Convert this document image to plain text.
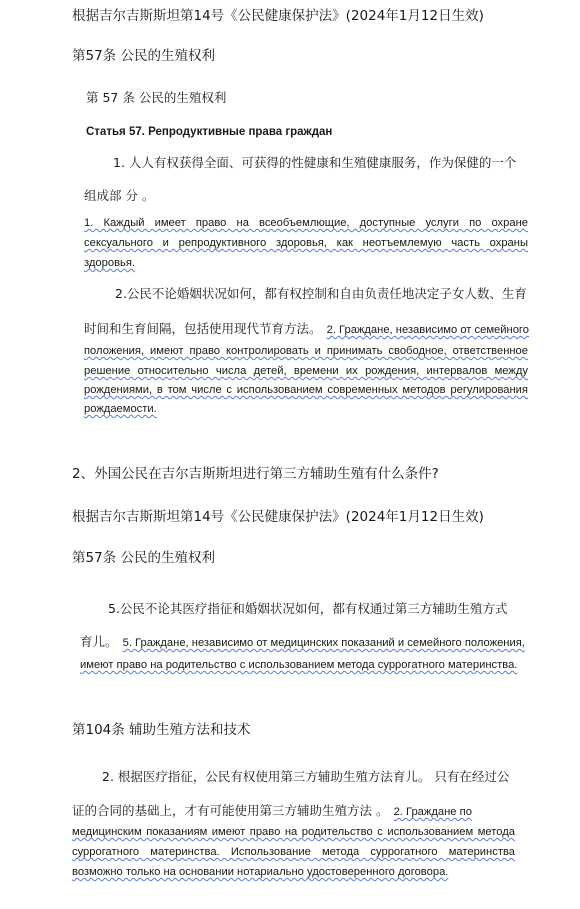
根据吉尔吉斯斯坦第14号《公民健康保护法》(2024年1月12日生效)

第57条 公民的生殖权利

第 57 条 公民的生殖权利

Статья 57. Репродуктивные права граждан

1. 人人有权获得全面、可获得的性健康和生殖健康服务，作为保健的一个

组成部 分 。

1. Каждый имеет право на всеобъемлющие, доступные услуги по охране

сексуального и репродуктивного здоровья, как неотъемлемую часть охраны

здоровья.

2.公民不论婚姻状况如何，都有权控制和自由负责任地决定子女人数、生育

时间和生育间隔，包括使用现代节育方法。 2. Граждане, независимо от семейного

положения, имеют право контролировать и принимать свободное, ответственное

решение относительно числа детей, времени их рождения, интервалов между

рождениями, в том числе с использованием современных методов регулирования

рождаемости.

2、外国公民在吉尔吉斯斯坦进行第三方辅助生殖有什么条件?

根据吉尔吉斯斯坦第14号《公民健康保护法》(2024年1月12日生效)

第57条 公民的生殖权利

5.公民不论其医疗指征和婚姻状况如何，都有权通过第三方辅助生殖方式

育儿。 5. Граждане, независимо от медицинских показаний и семейного положения,

имеют право на родительство с использованием метода суррогатного материнства.

第104条 辅助生殖方法和技术

2. 根据医疗指征，公民有权使用第三方辅助生殖方法育儿。 只有在经过公

证的合同的基础上，才有可能使用第三方辅助生殖方法 。 2. Граждане по

медицинским показаниям имеют право на родительство с использованием метода

суррогатного материнства. Использование метода суррогатного материнства

возможно только на основании нотариально удостоверенного договора.
